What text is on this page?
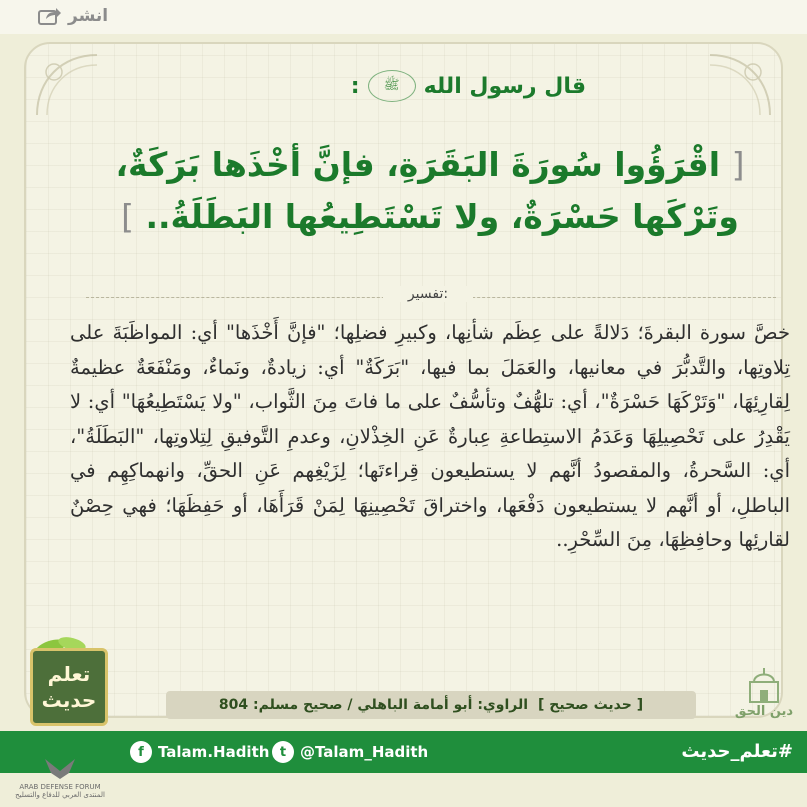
انشر
قال رسول الله
ﷺ
:
[ اقْرَؤُوا سُورَةَ البَقَرَةِ، فإنَّ أخْذَها بَرَكَةٌ،
وتَرْكَها حَسْرَةٌ، ولا تَسْتَطِيعُها البَطَلَةُ.. ]
تفسير:
خصَّ سورة البقرةَ؛ دَلالةً على عِظَم شأنِها، وكبيرِ فضلِها؛ "فإنَّ أَخْذَها" أي: المواظَبَةَ على تِلاوتِها، والتَّدبُّرَ في معانيها، والعَمَلَ بما فيها، "بَرَكَةٌ" أي: زيادةٌ، ونَماءٌ، ومَنْفَعَةٌ عظيمةٌ لِقارِئِهَا، "وَتَرْكَهَا حَسْرَةٌ"، أي: تلهُّفٌ وتأسُّفٌ على ما فاتَ مِنَ الثَّواب، "ولا يَسْتَطِيعُهَا" أي: لا يَقْدِرُ على تَحْصِيلِهَا وَعَدَمُ الاستِطاعةِ عِبارةٌ عَنِ الخِذْلانِ، وعدمِ التَّوفيقِ لِتِلاوتِها، "البَطَلَةُ"، أي: السَّحرةُ، والمقصودُ أنَّهم لا يستطيعون قِراءتَها؛ لِزَيْغِهم عَنِ الحقِّ، وانهماكِهِم في الباطلِ، أو أنَّهم لا يستطيعون دَفْعَها، واختراقَ تَحْصِينِهَا لِمَنْ قَرَأَهَا، أو حَفِظَهَا؛ فهي حِصْنٌ لقارئِها وحافِظِهَا، مِنَ السِّحْرِ..
دين الحق
[ حديث صحيح ]
الراوي: أبو أمامة الباهلي / صحيح مسلم: 804
f Talam.Hadith t @Talam_Hadith	#تعلم_حديث
تعلم
حديث
ARAB DEFENSE FORUM
المنتدى العربي للدفاع والتسليح
